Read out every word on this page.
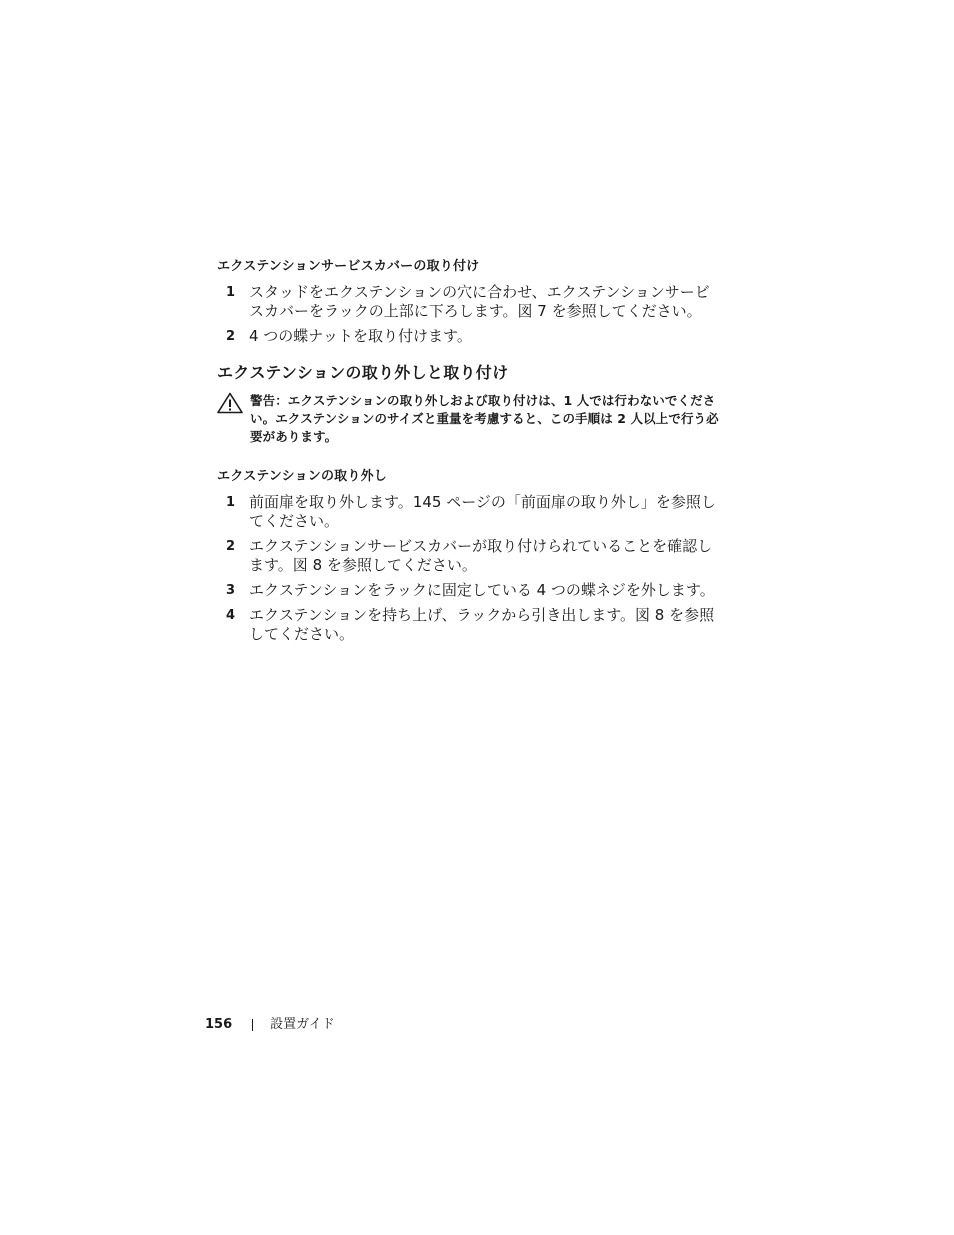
エクステンションサービスカバーの取り付け
1 スタッドをエクステンションの穴に合わせ、エクステンションサービスカバーをラックの上部に下ろします。図 7 を参照してください。
2 4 つの蝶ナットを取り付けます。
エクステンションの取り外しと取り付け
警告：エクステンションの取り外しおよび取り付けは、1 人では行わないでください。エクステンションのサイズと重量を考慮すると、この手順は 2 人以上で行う必要があります。
エクステンションの取り外し
1 前面扉を取り外します。145 ページの「前面扉の取り外し」を参照してください。
2 エクステンションサービスカバーが取り付けられていることを確認します。図 8 を参照してください。
3 エクステンションをラックに固定している 4 つの蝶ネジを外します。
4 エクステンションを持ち上げ、ラックから引き出します。図 8 を参照してください。
156	設置ガイド
